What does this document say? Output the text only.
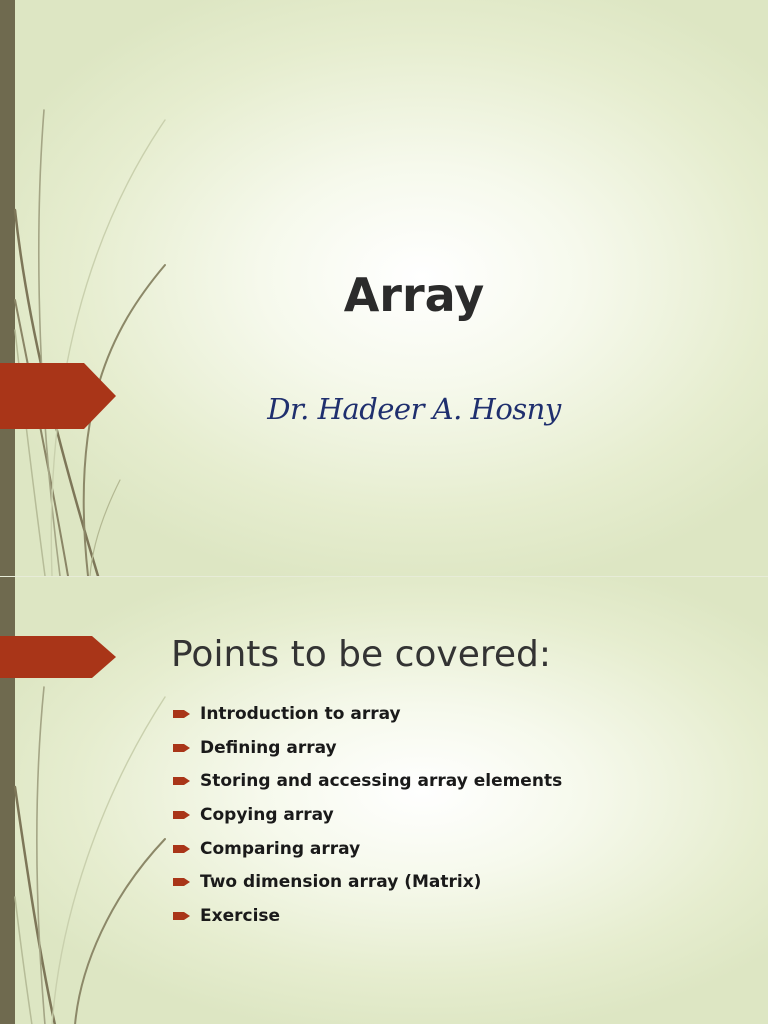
Array

Dr. Hadeer A. Hosny

Points to be covered:
Introduction to array
Defining array
Storing and accessing array elements
Copying array
Comparing array
Two dimension array (Matrix)
Exercise
